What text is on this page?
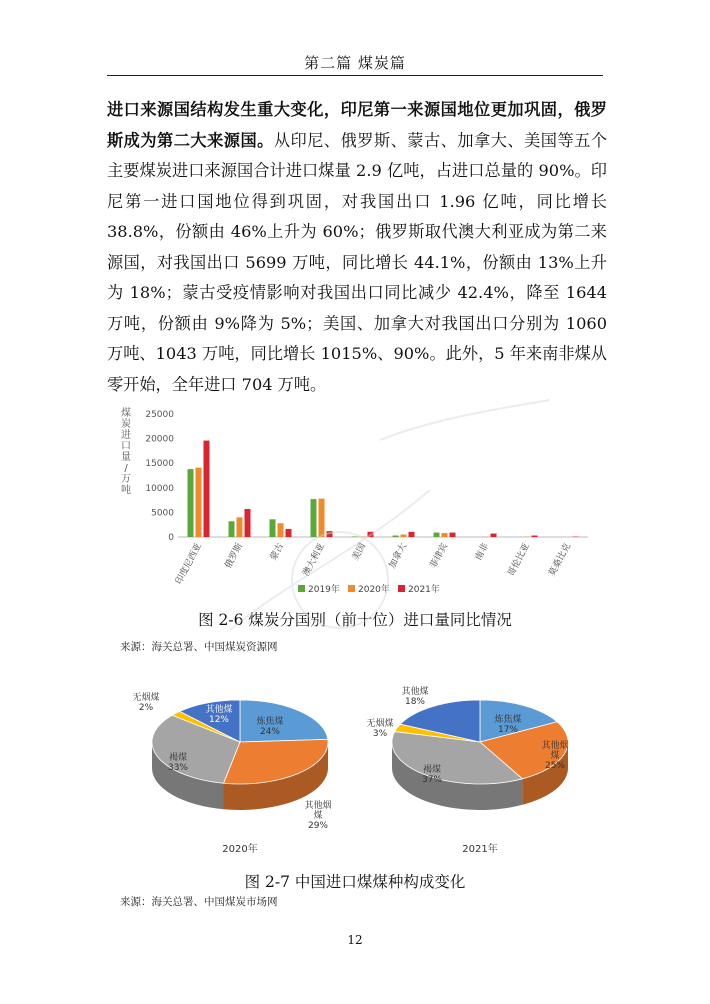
第二篇 煤炭篇
进口来源国结构发生重大变化，印尼第一来源国地位更加巩固，俄罗斯成为第二大来源国。从印尼、俄罗斯、蒙古、加拿大、美国等五个主要煤炭进口来源国合计进口煤量 2.9 亿吨，占进口总量的 90%。印尼第一进口国地位得到巩固，对我国出口 1.96 亿吨，同比增长 38.8%，份额由 46%上升为 60%；俄罗斯取代澳大利亚成为第二来源国，对我国出口 5699 万吨，同比增长 44.1%，份额由 13%上升为 18%；蒙古受疫情影响对我国出口同比减少 42.4%，降至 1644 万吨，份额由 9%降为 5%；美国、加拿大对我国出口分别为 1060 万吨、1043 万吨，同比增长 1015%、90%。此外，5 年来南非煤从零开始，全年进口 704 万吨。
煤
炭
进
口
量
/
万
吨
0
5000
10000
15000
20000
25000
印度尼西亚 俄罗斯	蒙古 澳大利亚	美国 加拿大 菲律宾	南非 哥伦比亚 莫桑比克
2019年 2020年 2021年
图 2-6 煤炭分国别（前十位）进口量同比情况
来源：海关总署、中国煤炭资源网
炼焦煤
24%
其他烟
煤
29%
褐煤
33%
无烟煤
2%	其他煤
12%
2020年
炼焦煤
17%
其他烟
煤
25%
褐煤
37%
无烟煤
3%
其他煤
18%
2021年
图 2-7 中国进口煤煤种构成变化
来源：海关总署、中国煤炭市场网
12
